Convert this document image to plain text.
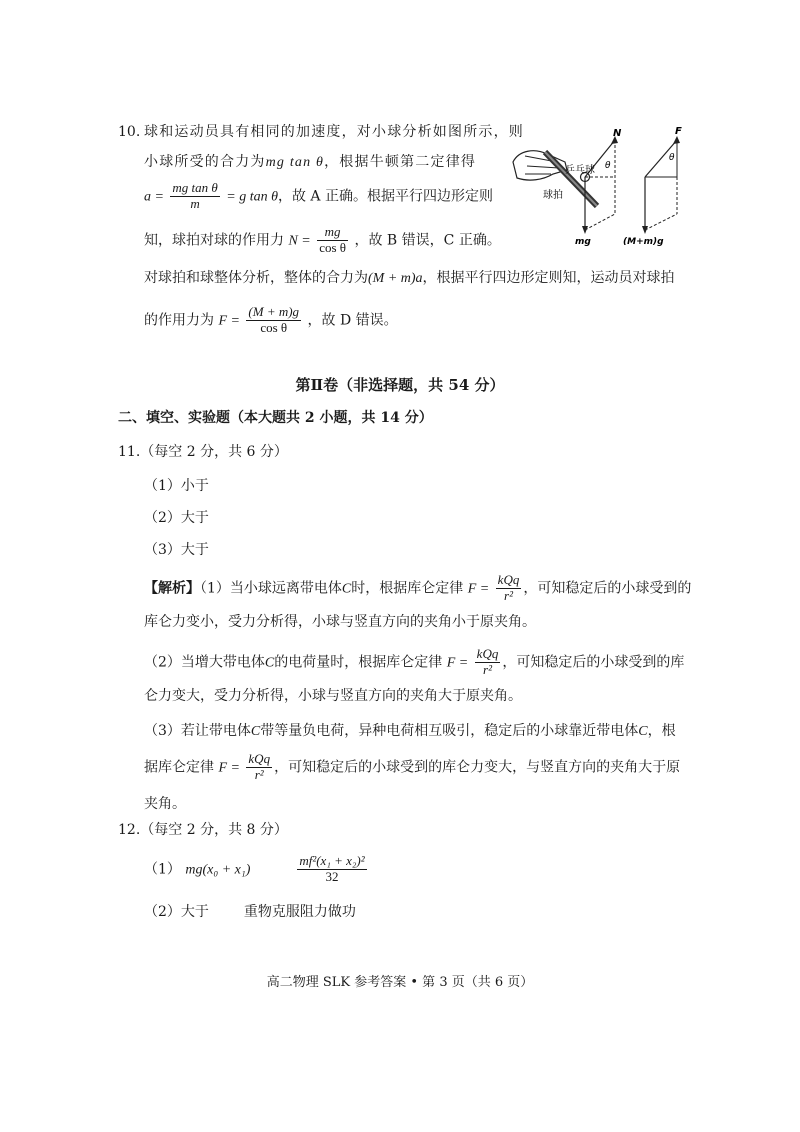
10. 球和运动员具有相同的加速度，对小球分析如图所示，则
小球所受的合力为mg tan θ，根据牛顿第二定律得
$a = \frac{\text{mg tan θ}}{m} = g$ tan θ，故 A 正确。根据平行四边形定则
知，球拍对球的作用力 $N = \frac{mg}{\text{cos θ}}$ ，故 B 错误，C 正确。
对球拍和球整体分析，整体的合力为(M + m)a，根据平行四边形定则知，运动员对球拍
的作用力为 $F = \frac{(M + m)g}{\text{cos θ}}$ ，故 D 错误。
N	F
乒乓球
球拍
θ
θ
mg	(M+m)g
第Ⅱ卷（非选择题，共 54 分）
二、填空、实验题（本大题共 2 小题，共 14 分）
11.（每空 2 分，共 6 分）
（1）小于
（2）大于
（3）大于
【解析】（1）当小球远离带电体C时，根据库仑定律 $F = \frac{\text{kQq}}{\text{r²}}$ ，可知稳定后的小球受到的
库仑力变小，受力分析得，小球与竖直方向的夹角小于原夹角。
（2）当增大带电体C的电荷量时，根据库仑定律 $F = \frac{\text{kQq}}{\text{r²}}$ ，可知稳定后的小球受到的库
仑力变大，受力分析得，小球与竖直方向的夹角大于原夹角。
（3）若让带电体C带等量负电荷，异种电荷相互吸引，稳定后的小球靠近带电体C，根
据库仑定律 $F = \frac{\text{kQq}}{\text{r²}}$ ，可知稳定后的小球受到的库仑力变大，与竖直方向的夹角大于原
夹角。
12.（每空 2 分，共 8 分）
（1） mg(x₀ + x₁)	$\frac{\text{mf²(x₁ + x₂)²}}{32}$
（2）大于 重物克服阻力做功
高二物理 SLK 参考答案 • 第 3 页（共 6 页）
